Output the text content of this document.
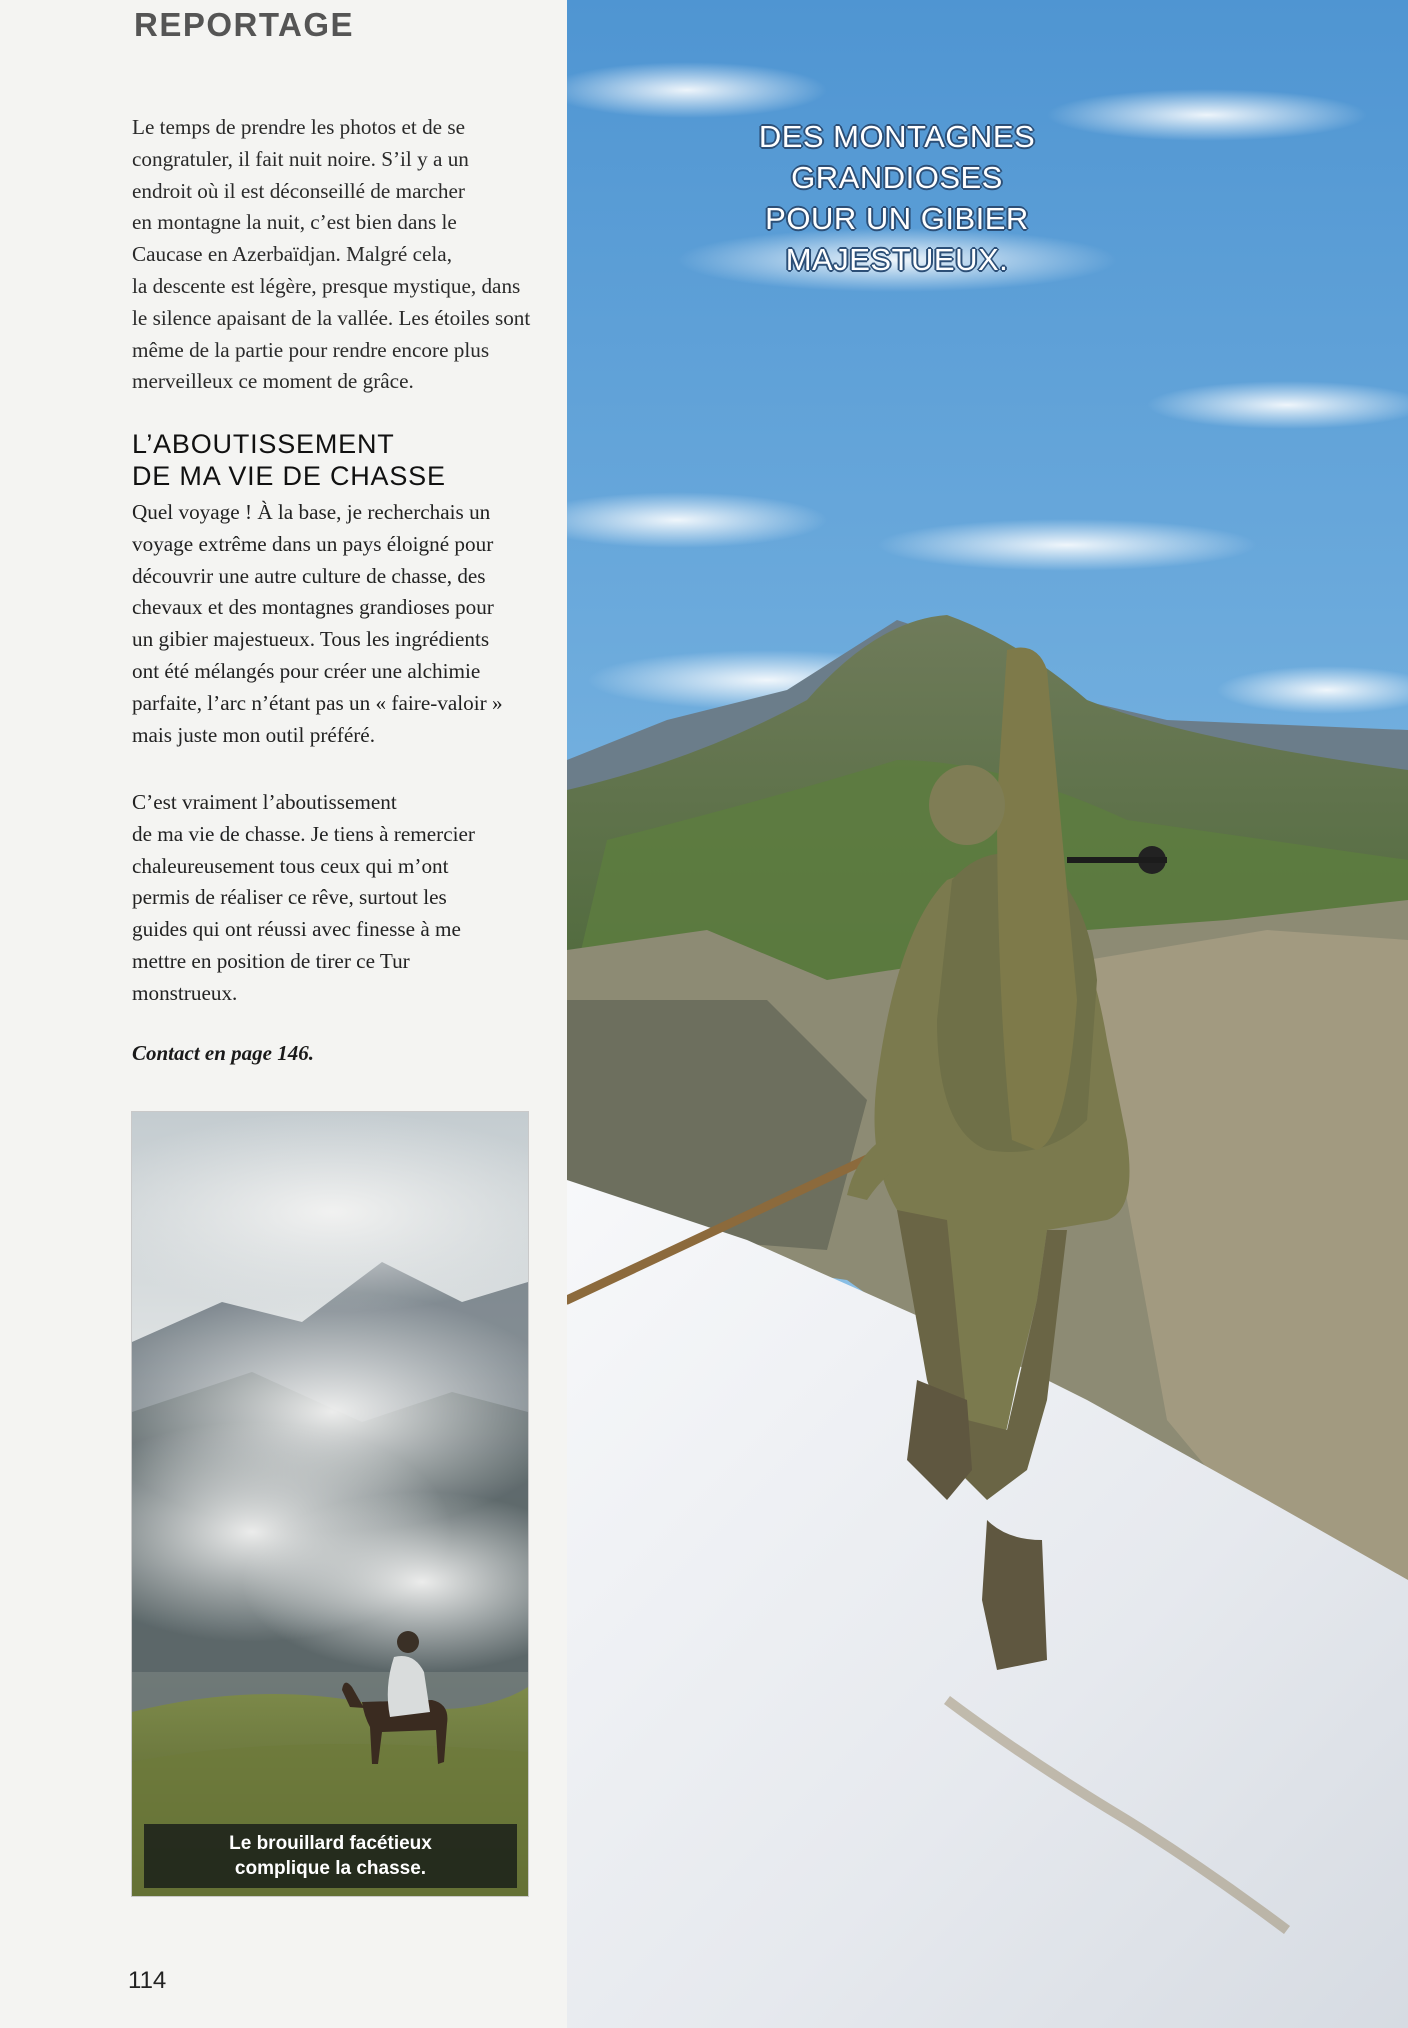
REPORTAGE

Le temps de prendre les photos et de se
congratuler, il fait nuit noire. S’il y a un
endroit où il est déconseillé de marcher
en montagne la nuit, c’est bien dans le
Caucase en Azerbaïdjan. Malgré cela,
la descente est légère, presque mystique, dans
le silence apaisant de la vallée. Les étoiles sont
même de la partie pour rendre encore plus
merveilleux ce moment de grâce.

L’ABOUTISSEMENT
DE MA VIE DE CHASSE

Quel voyage ! À la base, je recherchais un
voyage extrême dans un pays éloigné pour
découvrir une autre culture de chasse, des
chevaux et des montagnes grandioses pour
un gibier majestueux. Tous les ingrédients
ont été mélangés pour créer une alchimie
parfaite, l’arc n’étant pas un « faire-valoir »
mais juste mon outil préféré.

C’est vraiment l’aboutissement
de ma vie de chasse. Je tiens à remercier
chaleureusement tous ceux qui m’ont
permis de réaliser ce rêve, surtout les
guides qui ont réussi avec finesse à me
mettre en position de tirer ce Tur
monstrueux.

Contact en page 146.
Le brouillard facétieux
complique la chasse.
DES MONTAGNES
GRANDIOSES
POUR UN GIBIER
MAJESTUEUX.
114
